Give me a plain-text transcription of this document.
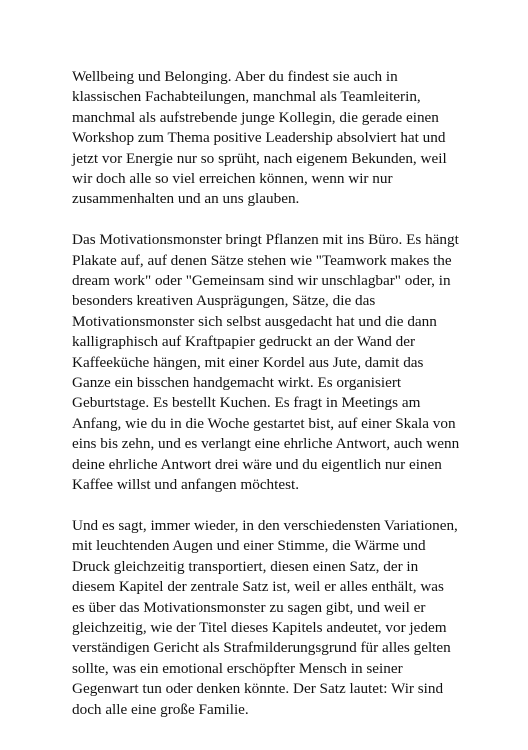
Wellbeing und Belonging. Aber du findest sie auch in
klassischen Fachabteilungen, manchmal als Teamleiterin,
manchmal als aufstrebende junge Kollegin, die gerade einen
Workshop zum Thema positive Leadership absolviert hat und
jetzt vor Energie nur so sprüht, nach eigenem Bekunden, weil
wir doch alle so viel erreichen können, wenn wir nur
zusammenhalten und an uns glauben.

Das Motivationsmonster bringt Pflanzen mit ins Büro. Es hängt
Plakate auf, auf denen Sätze stehen wie "Teamwork makes the
dream work" oder "Gemeinsam sind wir unschlagbar" oder, in
besonders kreativen Ausprägungen, Sätze, die das
Motivationsmonster sich selbst ausgedacht hat und die dann
kalligraphisch auf Kraftpapier gedruckt an der Wand der
Kaffeeküche hängen, mit einer Kordel aus Jute, damit das
Ganze ein bisschen handgemacht wirkt. Es organisiert
Geburtstage. Es bestellt Kuchen. Es fragt in Meetings am
Anfang, wie du in die Woche gestartet bist, auf einer Skala von
eins bis zehn, und es verlangt eine ehrliche Antwort, auch wenn
deine ehrliche Antwort drei wäre und du eigentlich nur einen
Kaffee willst und anfangen möchtest.

Und es sagt, immer wieder, in den verschiedensten Variationen,
mit leuchtenden Augen und einer Stimme, die Wärme und
Druck gleichzeitig transportiert, diesen einen Satz, der in
diesem Kapitel der zentrale Satz ist, weil er alles enthält, was
es über das Motivationsmonster zu sagen gibt, und weil er
gleichzeitig, wie der Titel dieses Kapitels andeutet, vor jedem
verständigen Gericht als Strafmilderungsgrund für alles gelten
sollte, was ein emotional erschöpfter Mensch in seiner
Gegenwart tun oder denken könnte. Der Satz lautet: Wir sind
doch alle eine große Familie.
